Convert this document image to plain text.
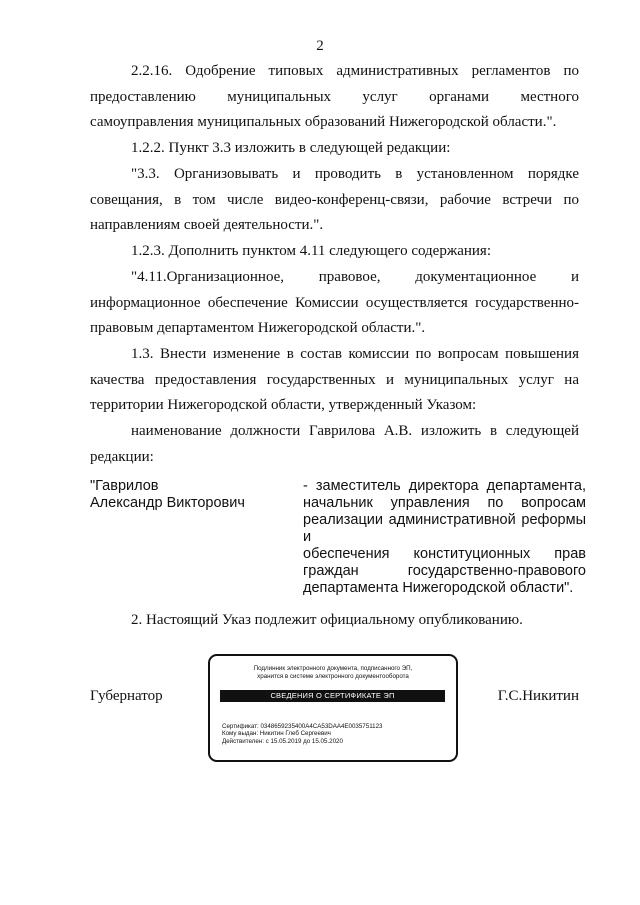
2
2.2.16. Одобрение типовых административных регламентов по
предоставлению муниципальных услуг органами местного
самоуправления муниципальных образований Нижегородской области.".
1.2.2. Пункт 3.3 изложить в следующей редакции:
"3.3. Организовывать и проводить в установленном порядке
совещания, в том числе видео-конференц-связи, рабочие встречи по
направлениям своей деятельности.".
1.2.3. Дополнить пунктом 4.11 следующего содержания:
"4.11.Организационное, правовое, документационное и
информационное обеспечение Комиссии осуществляется государственно-
правовым департаментом Нижегородской области.".
1.3. Внести изменение в состав комиссии по вопросам повышения
качества предоставления государственных и муниципальных услуг на
территории Нижегородской области, утвержденный Указом:
наименование должности Гаврилова А.В. изложить в следующей
редакции:
"Гаврилов
Александр Викторович
- заместитель директора департамента,
начальник управления по вопросам
реализации административной реформы и
обеспечения конституционных прав
граждан государственно-правового
департамента Нижегородской области".
2. Настоящий Указ подлежит официальному опубликованию.
Губернатор
Подлинник электронного документа, подписанного ЭП,
хранится в системе электронного документооборота
СВЕДЕНИЯ О СЕРТИФИКАТЕ ЭП
Сертификат: 0348659235400A4CA53DAA4E0035751123
Кому выдан: Никитин Глеб Сергеевич
Действителен: с 15.05.2019 до 15.05.2020
Г.С.Никитин
